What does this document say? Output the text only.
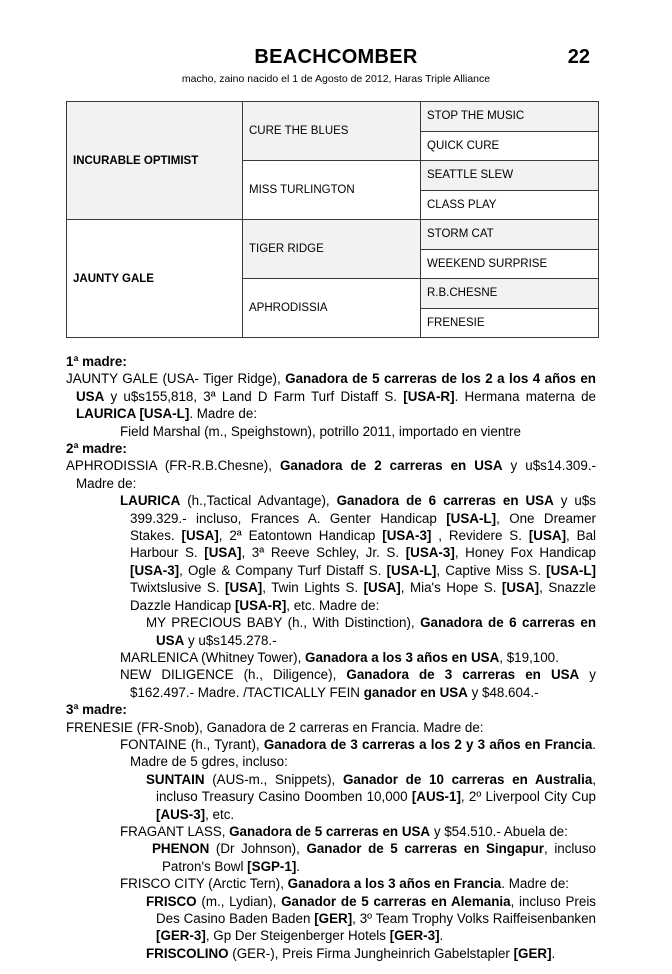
BEACHCOMBER	22
macho, zaino nacido el 1 de Agosto de 2012, Haras Triple Alliance
INCURABLE OPTIMIST	CURE THE BLUES	STOP THE MUSIC
		QUICK CURE
	MISS TURLINGTON	SEATTLE SLEW
		CLASS PLAY
JAUNTY GALE	TIGER RIDGE	STORM CAT
		WEEKEND SURPRISE
	APHRODISSIA	R.B.CHESNE
		FRENESIE

1ª madre:

JAUNTY GALE (USA- Tiger Ridge), Ganadora de 5 carreras de los 2 a los 4 años en USA y u$s155,818, 3ª Land D Farm Turf Distaff S. [USA-R]. Hermana materna de LAURICA [USA-L]. Madre de:

Field Marshal (m., Speighstown), potrillo 2011, importado en vientre

2ª madre:

APHRODISSIA (FR-R.B.Chesne), Ganadora de 2 carreras en USA y u$s14.309.- Madre de:

LAURICA (h.,Tactical Advantage), Ganadora de 6 carreras en USA y u$s 399.329.- incluso, Frances A. Genter Handicap [USA-L], One Dreamer Stakes. [USA], 2ª Eatontown Handicap [USA-3] , Revidere S. [USA], Bal Harbour S. [USA], 3ª Reeve Schley, Jr. S. [USA-3], Honey Fox Handicap [USA-3], Ogle & Company Turf Distaff S. [USA-L], Captive Miss S. [USA-L] Twixtslusive S. [USA], Twin Lights S. [USA], Mia's Hope S. [USA], Snazzle Dazzle Handicap [USA-R], etc. Madre de:

MY PRECIOUS BABY (h., With Distinction), Ganadora de 6 carreras en USA y u$s145.278.-

MARLENICA (Whitney Tower), Ganadora a los 3 años en USA, $19,100.

NEW DILIGENCE (h., Diligence), Ganadora de 3 carreras en USA y $162.497.- Madre. /TACTICALLY FEIN ganador en USA y $48.604.-

3ª madre:

FRENESIE (FR-Snob), Ganadora de 2 carreras en Francia. Madre de:

FONTAINE (h., Tyrant), Ganadora de 3 carreras a los 2 y 3 años en Francia. Madre de 5 gdres, incluso:

SUNTAIN (AUS-m., Snippets), Ganador de 10 carreras en Australia, incluso Treasury Casino Doomben 10,000 [AUS-1], 2º Liverpool City Cup [AUS-3], etc.

FRAGANT LASS, Ganadora de 5 carreras en USA y $54.510.- Abuela de:

PHENON (Dr Johnson), Ganador de 5 carreras en Singapur, incluso Patron's Bowl [SGP-1].

FRISCO CITY (Arctic Tern), Ganadora a los 3 años en Francia. Madre de:

FRISCO (m., Lydian), Ganador de 5 carreras en Alemania, incluso Preis Des Casino Baden Baden [GER], 3º Team Trophy Volks Raiffeisenbanken [GER-3], Gp Der Steigenberger Hotels [GER-3].

FRISCOLINO (GER-), Preis Firma Jungheinrich Gabelstapler [GER].
